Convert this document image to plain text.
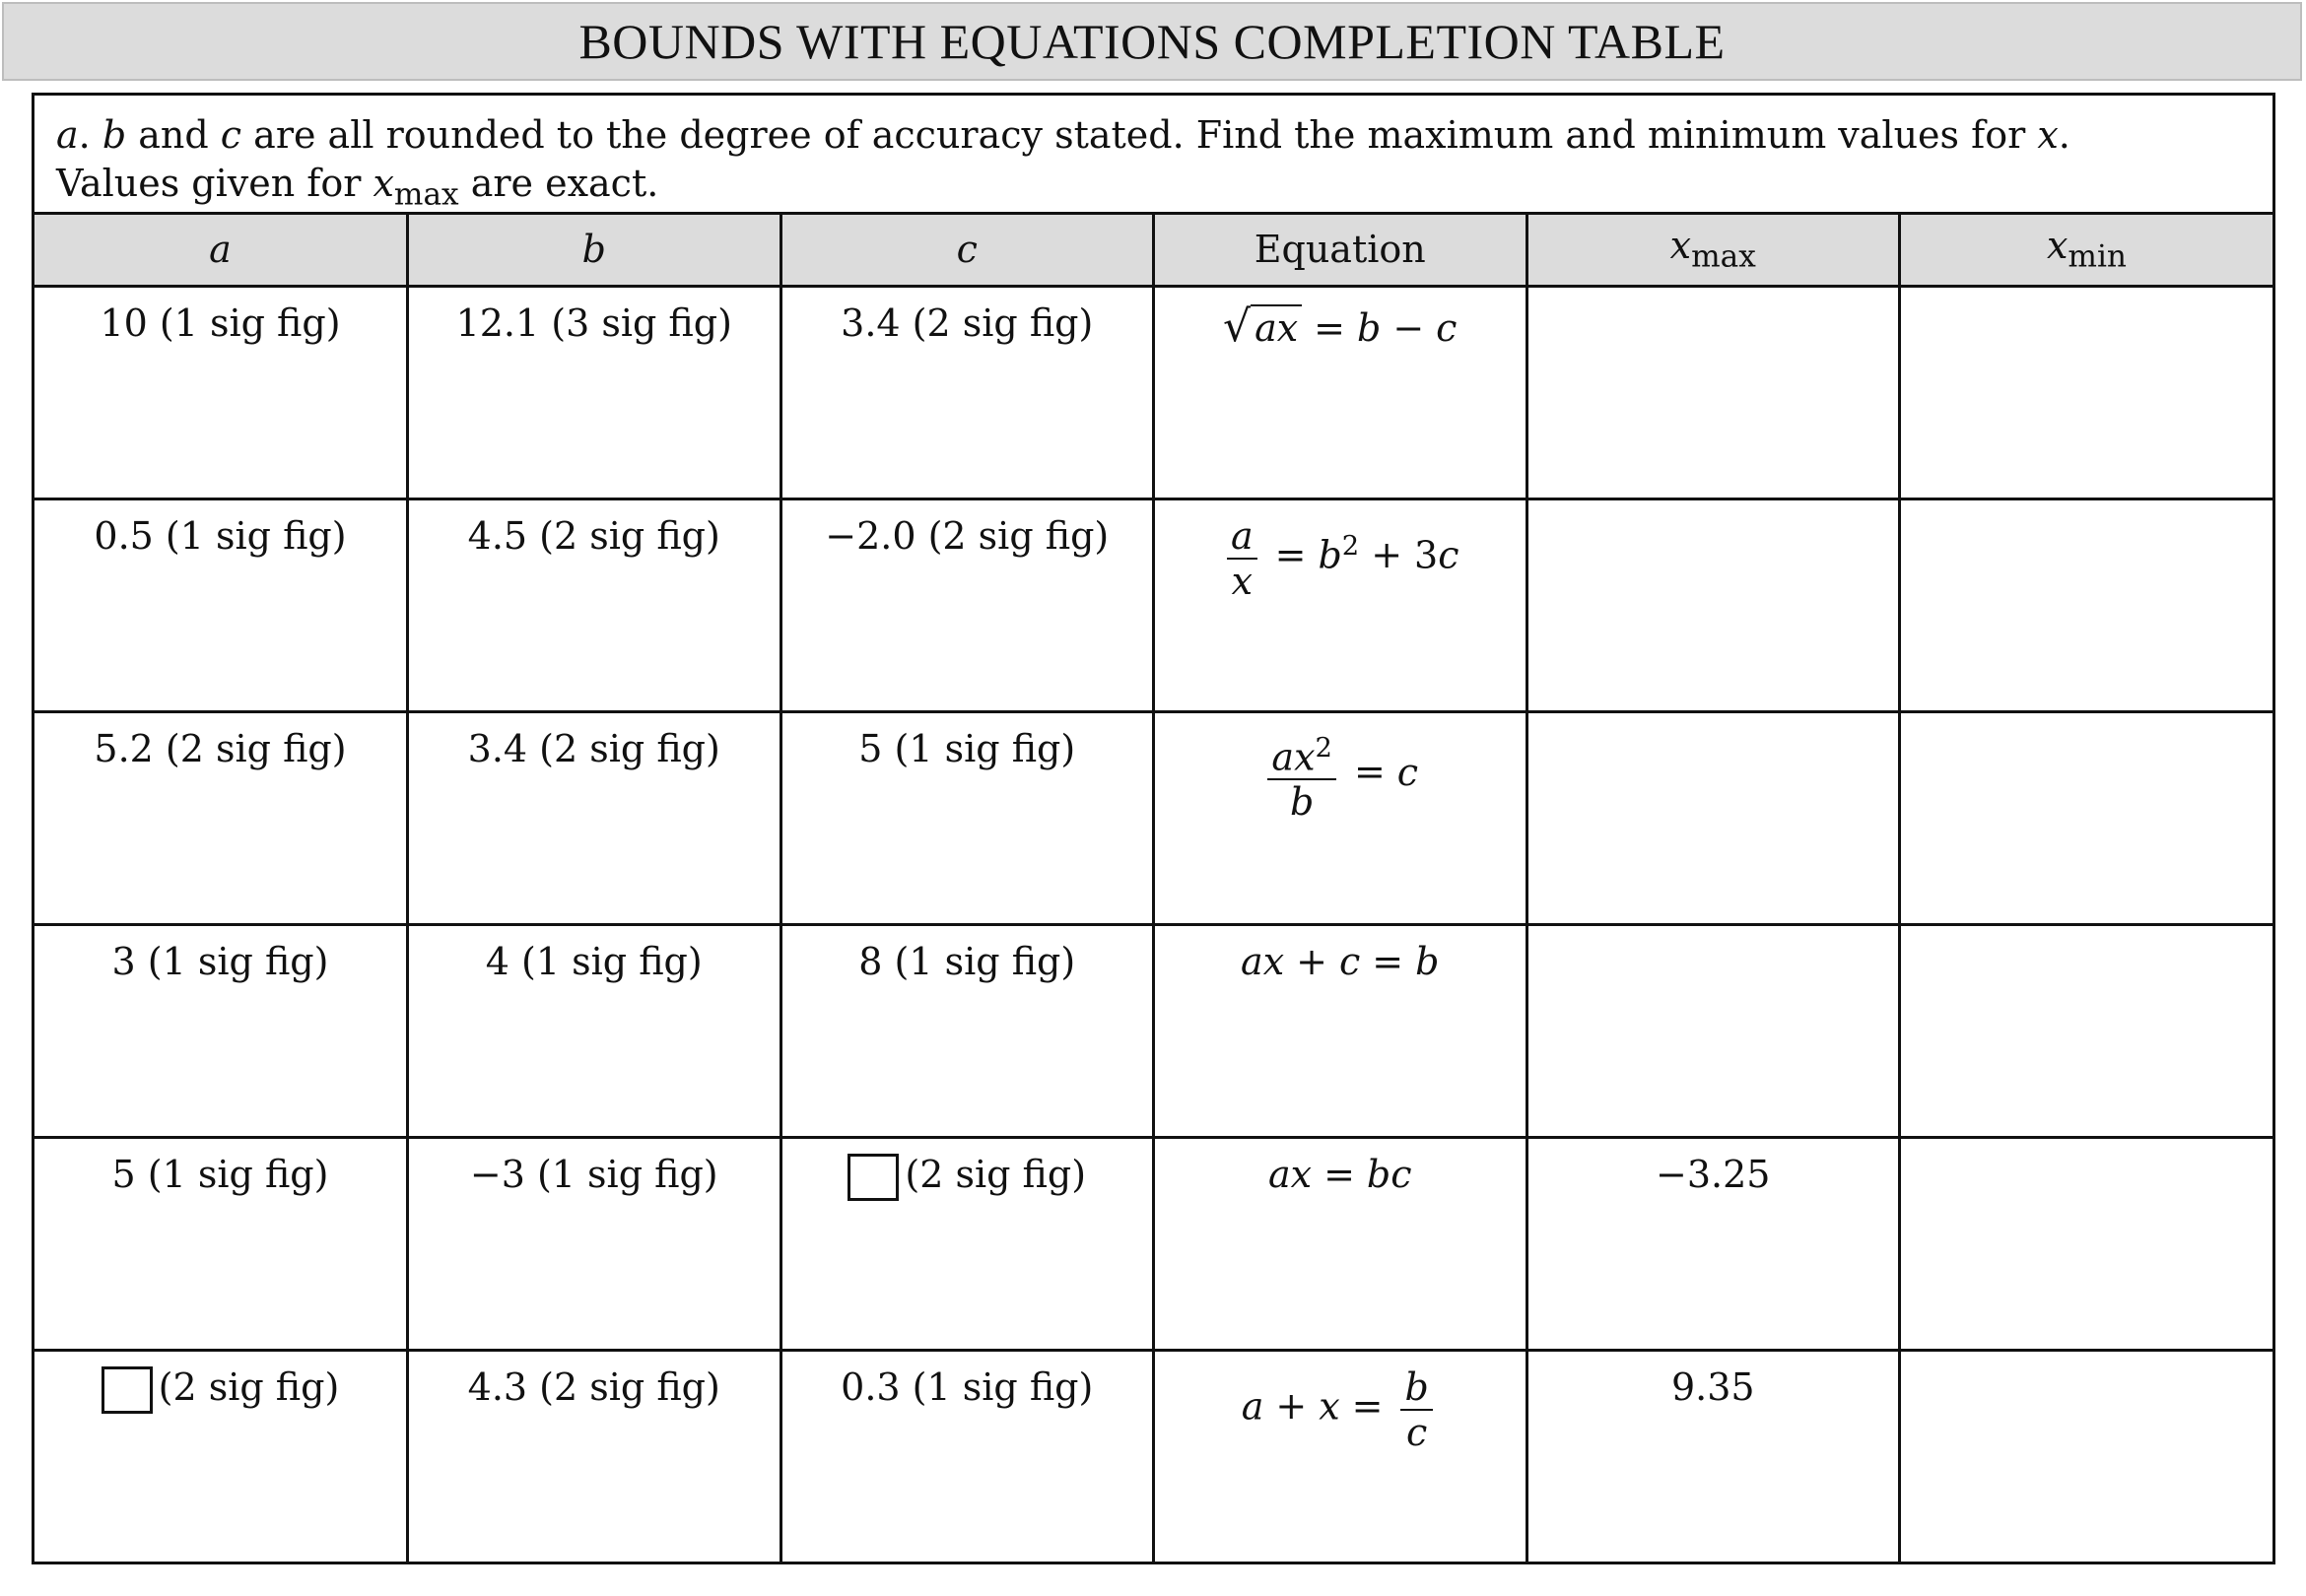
BOUNDS WITH EQUATIONS COMPLETION TABLE
a. b and c are all rounded to the degree of accuracy stated. Find the maximum and minimum values for x.
Values given for $x_{max}$ are exact.
a	b	c	Equation	$x_{max}$	$x_{min}$
10 (1 sig fig)	12.1 (3 sig fig)	3.4 (2 sig fig)	√ ax = b − c		
0.5 (1 sig fig)	4.5 (2 sig fig)	−2.0 (2 sig fig)	$\frac{a}{x} = b^2 + 3c$		
5.2 (2 sig fig)	3.4 (2 sig fig)	5 (1 sig fig)	$\frac{ax^2}{b} = c$		
3 (1 sig fig)	4 (1 sig fig)	8 (1 sig fig)	ax + c = b		
5 (1 sig fig)	−3 (1 sig fig)	(2 sig fig)	ax = bc	−3.25	
(2 sig fig)	4.3 (2 sig fig)	0.3 (1 sig fig)	$a + x = \frac{b}{c}$	9.35	
